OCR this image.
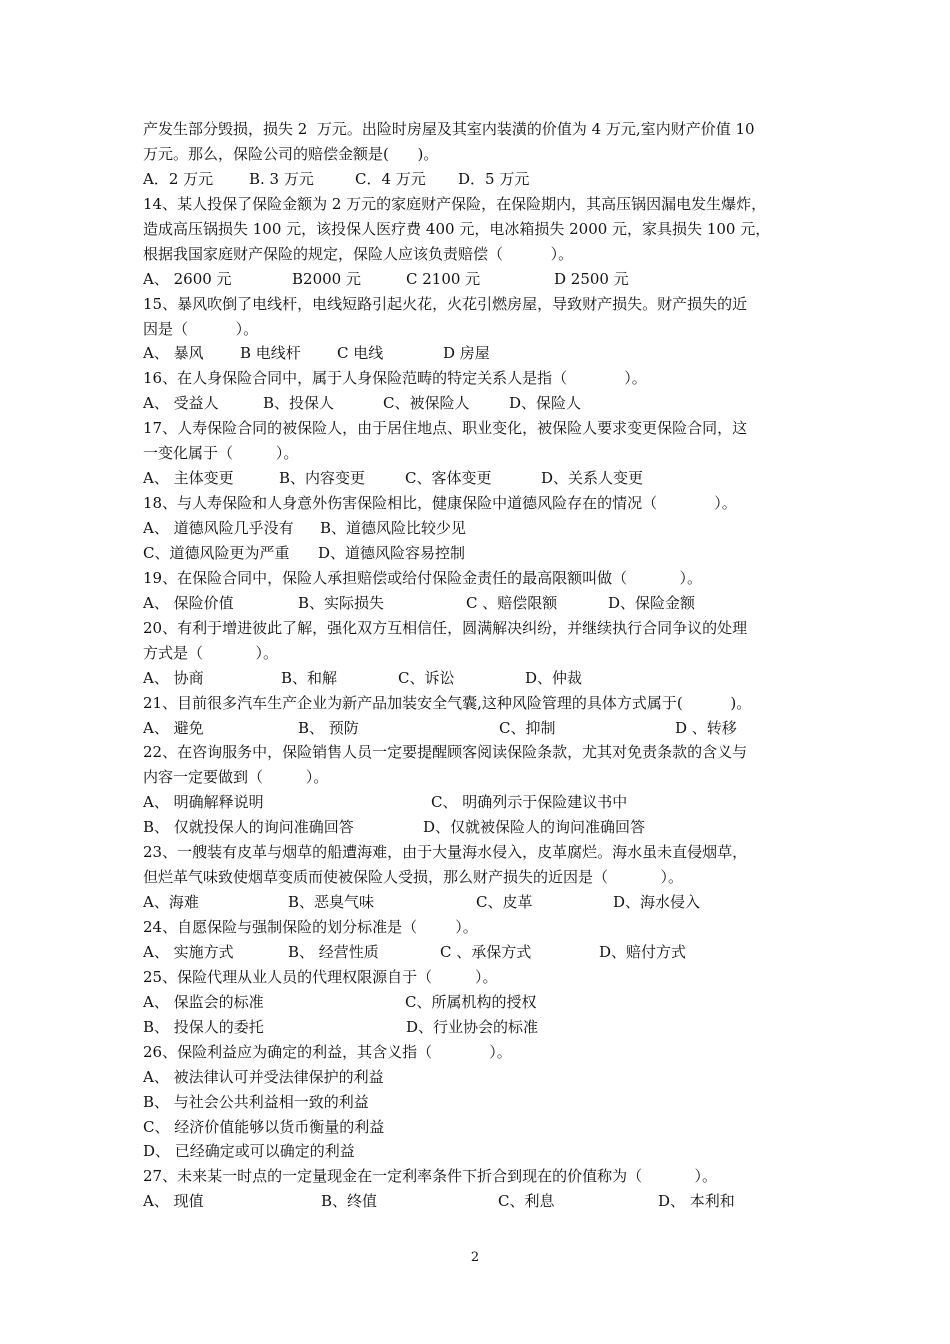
产发生部分毁损，损失 2  万元。出险时房屋及其室内装潢的价值为 4 万元,室内财产价值 10
万元。那么，保险公司的赔偿金额是(      )。
A．2 万元	B. 3 万元	C．4 万元	D．5 万元
14、某人投保了保险金额为 2 万元的家庭财产保险，在保险期内，其高压锅因漏电发生爆炸，
造成高压锅损失 100 元，该投保人医疗费 400 元，电冰箱损失 2000 元，家具损失 100 元，
根据我国家庭财产保险的规定，保险人应该负责赔偿（          ）。
A、 2600 元	B2000 元	C 2100 元	D 2500 元
15、暴风吹倒了电线杆，电线短路引起火花，火花引燃房屋，导致财产损失。财产损失的近
因是（          ）。
A、 暴风	B 电线杆	C 电线	D 房屋
16、在人身保险合同中，属于人身保险范畴的特定关系人是指（            ）。
A、 受益人	B、投保人	C、被保险人	D、保险人
17、人寿保险合同的被保险人，由于居住地点、职业变化，被保险人要求变更保险合同，这
一变化属于（         ）。
A、 主体变更	B、内容变更	C、客体变更	D、关系人变更
18、与人寿保险和人身意外伤害保险相比，健康保险中道德风险存在的情况（            ）。
A、 道德风险几乎没有	B、道德风险比较少见
C、道德风险更为严重	D、道德风险容易控制
19、在保险合同中，保险人承担赔偿或给付保险金责任的最高限额叫做（           ）。
A、 保险价值	B、实际损失	C 、赔偿限额	D、保险金额
20、有利于增进彼此了解，强化双方互相信任，圆满解决纠纷，并继续执行合同争议的处理
方式是（           ）。
A、 协商	B、和解	C、诉讼	D、仲裁
21、目前很多汽车生产企业为新产品加装安全气囊,这种风险管理的具体方式属于(          )。
A、 避免	B、 预防	C、抑制	D 、转移
22、在咨询服务中，保险销售人员一定要提醒顾客阅读保险条款，尤其对免责条款的含义与
内容一定要做到（         ）。
A、 明确解释说明	C、 明确列示于保险建议书中
B、 仅就投保人的询问准确回答	D、仅就被保险人的询问准确回答
23、一艘装有皮革与烟草的船遭海难，由于大量海水侵入，皮革腐烂。海水虽未直侵烟草，
但烂革气味致使烟草变质而使被保险人受损，那么财产损失的近因是（           ）。
A、海难	B、恶臭气味	C、皮革	D、海水侵入
24、自愿保险与强制保险的划分标准是（        ）。
A、 实施方式	B、 经营性质	C 、承保方式	D、赔付方式
25、保险代理从业人员的代理权限源自于（         ）。
A、 保监会的标准	C、所属机构的授权
B、 投保人的委托	D、行业协会的标准
26、保险利益应为确定的利益，其含义指（            ）。
A、 被法律认可并受法律保护的利益
B、 与社会公共利益相一致的利益
C、 经济价值能够以货币衡量的利益
D、 已经确定或可以确定的利益
27、未来某一时点的一定量现金在一定利率条件下折合到现在的价值称为（           ）。
A、 现值	B、终值	C、利息	D、 本利和
2
